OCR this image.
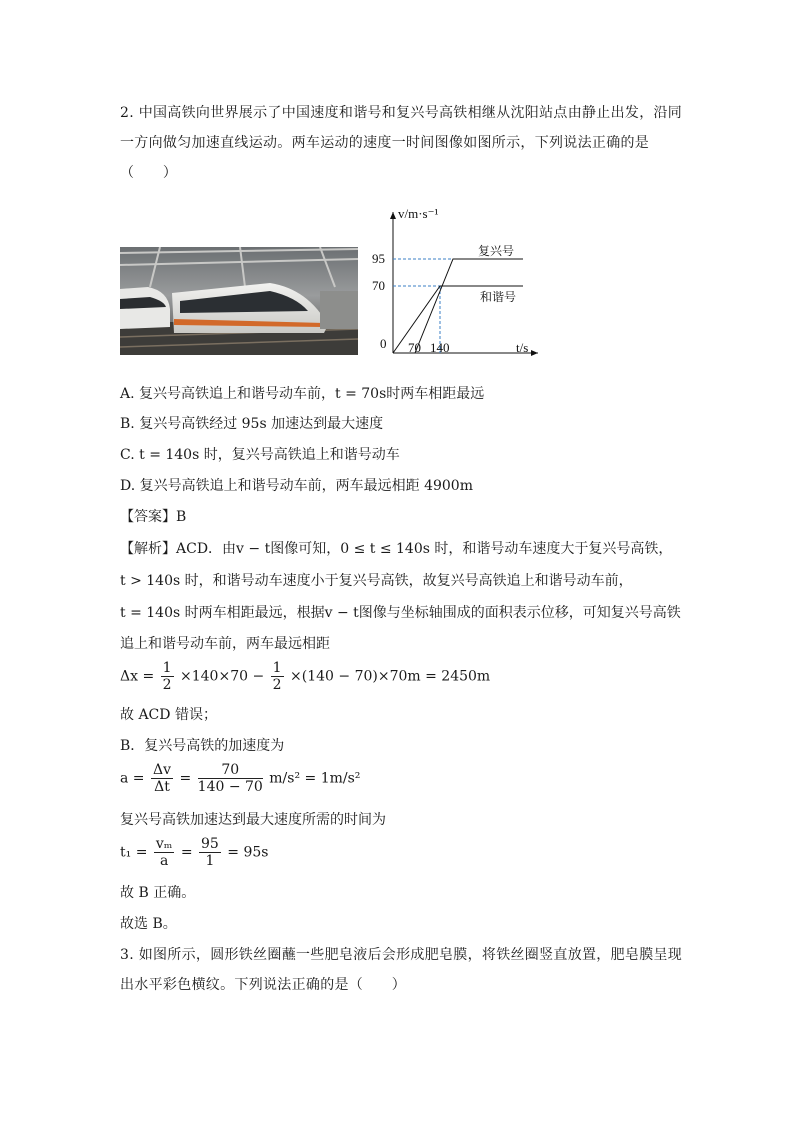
2. 中国高铁向世界展示了中国速度和谐号和复兴号高铁相继从沈阳站点由静止出发，沿同
一方向做匀加速直线运动。两车运动的速度一时间图像如图所示，下列说法正确的是
（　　）
v/m·s⁻¹
t/s
0
95
70
70 140
复兴号
和谐号
A. 复兴号高铁追上和谐号动车前，t = 70s时两车相距最远
B. 复兴号高铁经过 95s 加速达到最大速度
C. t = 140s 时，复兴号高铁追上和谐号动车
D. 复兴号高铁追上和谐号动车前，两车最远相距 4900m
【答案】B
【解析】ACD．由v − t图像可知，0 ≤ t ≤ 140s 时，和谐号动车速度大于复兴号高铁，
t > 140s 时，和谐号动车速度小于复兴号高铁，故复兴号高铁追上和谐号动车前，
t = 140s 时两车相距最远，根据v − t图像与坐标轴围成的面积表示位移，可知复兴号高铁
追上和谐号动车前，两车最远相距
$\Delta x = \frac{1}{2} \times 140\times 70 - \frac{1}{2} \times(140 - 70)\times 70m = 2450m$
故 ACD 错误；
B．复兴号高铁的加速度为
$a = \frac{\Delta v}{\Delta t} = \frac{70}{140 - 70} m/s^2 = 1m/s^2$
复兴号高铁加速达到最大速度所需的时间为
$t_1 = \frac{\text{vₘ}}{a} = \frac{95}{1} = 95s$
故 B 正确。
故选 B。
3. 如图所示，圆形铁丝圈蘸一些肥皂液后会形成肥皂膜，将铁丝圈竖直放置，肥皂膜呈现
出水平彩色横纹。下列说法正确的是（　　）
